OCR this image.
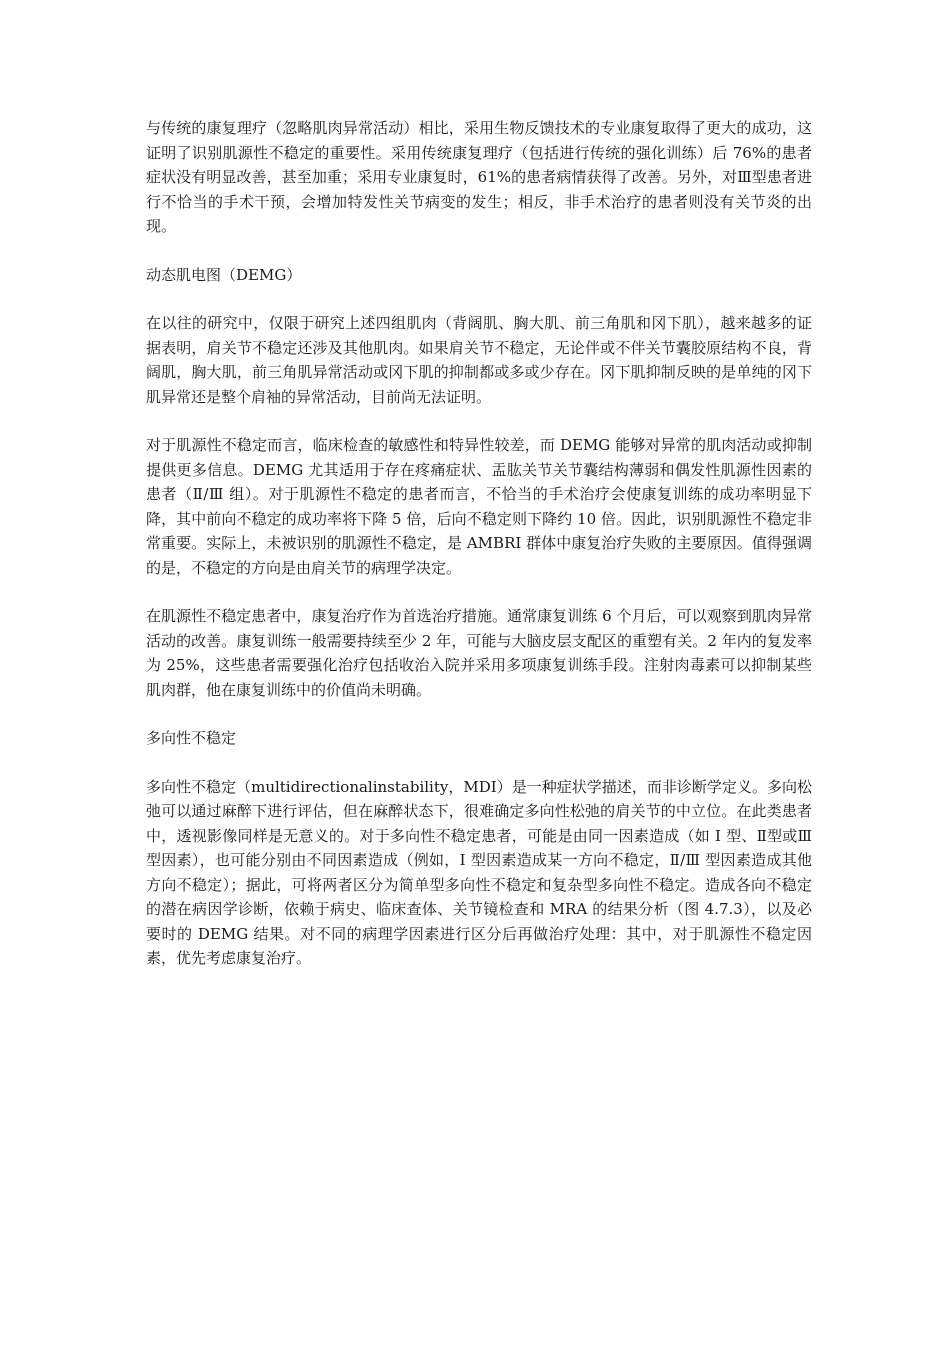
与传统的康复理疗（忽略肌肉异常活动）相比，采用生物反馈技术的专业康复取得了更大的成功，这证明了识别肌源性不稳定的重要性。采用传统康复理疗（包括进行传统的强化训练）后 76%的患者症状没有明显改善，甚至加重；采用专业康复时，61%的患者病情获得了改善。另外，对Ⅲ型患者进行不恰当的手术干预，会增加特发性关节病变的发生；相反，非手术治疗的患者则没有关节炎的出现。

动态肌电图（DEMG）

在以往的研究中，仅限于研究上述四组肌肉（背阔肌、胸大肌、前三角肌和冈下肌），越来越多的证据表明，肩关节不稳定还涉及其他肌肉。如果肩关节不稳定，无论伴或不伴关节囊胶原结构不良，背阔肌，胸大肌，前三角肌异常活动或冈下肌的抑制都或多或少存在。冈下肌抑制反映的是单纯的冈下肌异常还是整个肩袖的异常活动，目前尚无法证明。

对于肌源性不稳定而言，临床检查的敏感性和特异性较差，而 DEMG 能够对异常的肌肉活动或抑制提供更多信息。DEMG 尤其适用于存在疼痛症状、盂肱关节关节囊结构薄弱和偶发性肌源性因素的患者（Ⅱ/Ⅲ 组）。对于肌源性不稳定的患者而言，不恰当的手术治疗会使康复训练的成功率明显下降，其中前向不稳定的成功率将下降 5 倍，后向不稳定则下降约 10 倍。因此，识别肌源性不稳定非常重要。实际上，未被识别的肌源性不稳定，是 AMBRI 群体中康复治疗失败的主要原因。值得强调的是，不稳定的方向是由肩关节的病理学决定。

在肌源性不稳定患者中，康复治疗作为首选治疗措施。通常康复训练 6 个月后，可以观察到肌肉异常活动的改善。康复训练一般需要持续至少 2 年，可能与大脑皮层支配区的重塑有关。2 年内的复发率为 25%，这些患者需要强化治疗包括收治入院并采用多项康复训练手段。注射肉毒素可以抑制某些肌肉群，他在康复训练中的价值尚未明确。

多向性不稳定

多向性不稳定（multidirectionalinstability，MDI）是一种症状学描述，而非诊断学定义。多向松弛可以通过麻醉下进行评估，但在麻醉状态下，很难确定多向性松弛的肩关节的中立位。在此类患者中，透视影像同样是无意义的。对于多向性不稳定患者，可能是由同一因素造成（如 Ⅰ 型、Ⅱ型或Ⅲ型因素），也可能分别由不同因素造成（例如，Ⅰ 型因素造成某一方向不稳定，Ⅱ/Ⅲ 型因素造成其他方向不稳定）；据此，可将两者区分为简单型多向性不稳定和复杂型多向性不稳定。造成各向不稳定的潜在病因学诊断，依赖于病史、临床查体、关节镜检查和 MRA 的结果分析（图 4.7.3），以及必要时的 DEMG 结果。对不同的病理学因素进行区分后再做治疗处理：其中，对于肌源性不稳定因素，优先考虑康复治疗。
